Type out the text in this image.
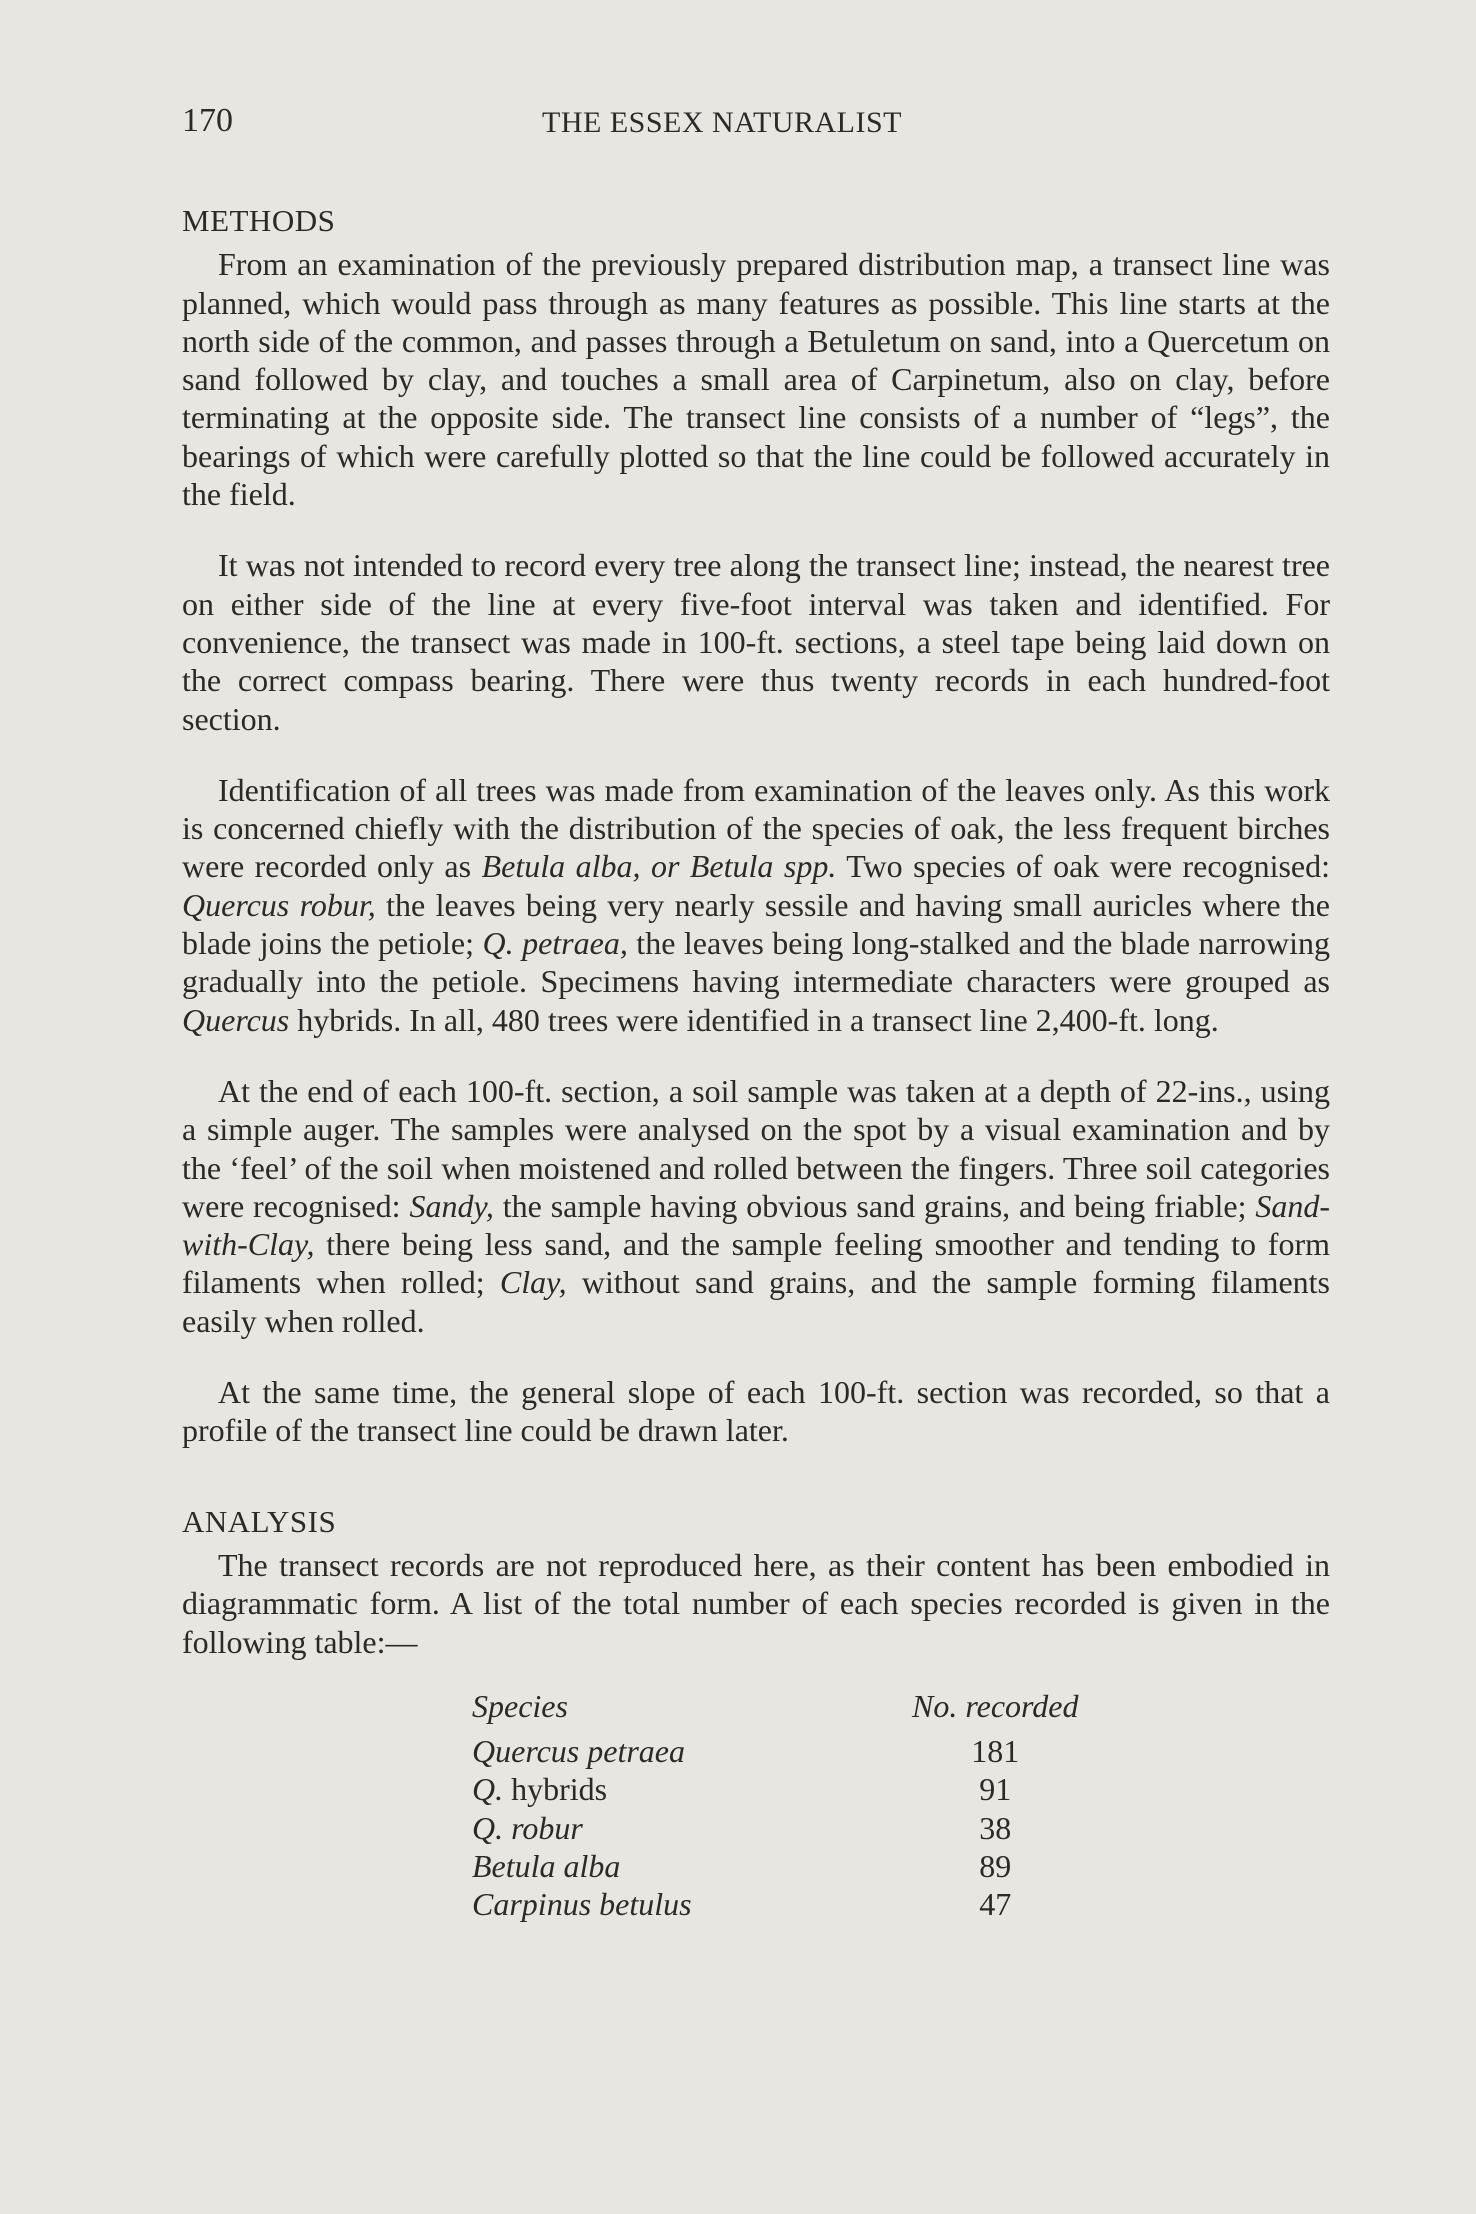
170	THE ESSEX NATURALIST
METHODS

From an examination of the previously prepared distribution map, a transect line was planned, which would pass through as many features as possible. This line starts at the north side of the common, and passes through a Betuletum on sand, into a Quercetum on sand followed by clay, and touches a small area of Carpinetum, also on clay, before terminating at the opposite side. The transect line consists of a number of “legs”, the bearings of which were carefully plotted so that the line could be followed accurately in the field.

It was not intended to record every tree along the transect line; instead, the nearest tree on either side of the line at every five-foot interval was taken and identified. For convenience, the transect was made in 100-ft. sections, a steel tape being laid down on the correct compass bearing. There were thus twenty records in each hundred-foot section.

Identification of all trees was made from examination of the leaves only. As this work is concerned chiefly with the distribution of the species of oak, the less frequent birches were recorded only as Betula alba, or Betula spp. Two species of oak were recognised: Quercus robur, the leaves being very nearly sessile and having small auricles where the blade joins the petiole; Q. petraea, the leaves being long-stalked and the blade narrowing gradually into the petiole. Specimens having intermediate characters were grouped as Quercus hybrids. In all, 480 trees were identified in a transect line 2,400-ft. long.

At the end of each 100-ft. section, a soil sample was taken at a depth of 22-ins., using a simple auger. The samples were analysed on the spot by a visual examination and by the ‘feel’ of the soil when moistened and rolled between the fingers. Three soil categories were recognised: Sandy, the sample having obvious sand grains, and being friable; Sand-with-Clay, there being less sand, and the sample feeling smoother and tending to form filaments when rolled; Clay, without sand grains, and the sample forming filaments easily when rolled.

At the same time, the general slope of each 100-ft. section was recorded, so that a profile of the transect line could be drawn later.

ANALYSIS

The transect records are not reproduced here, as their content has been embodied in diagrammatic form. A list of the total number of each species recorded is given in the following table:—

Species	No. recorded
Quercus petraea	181
Q. hybrids	91
Q. robur	38
Betula alba	89
Carpinus betulus	47
